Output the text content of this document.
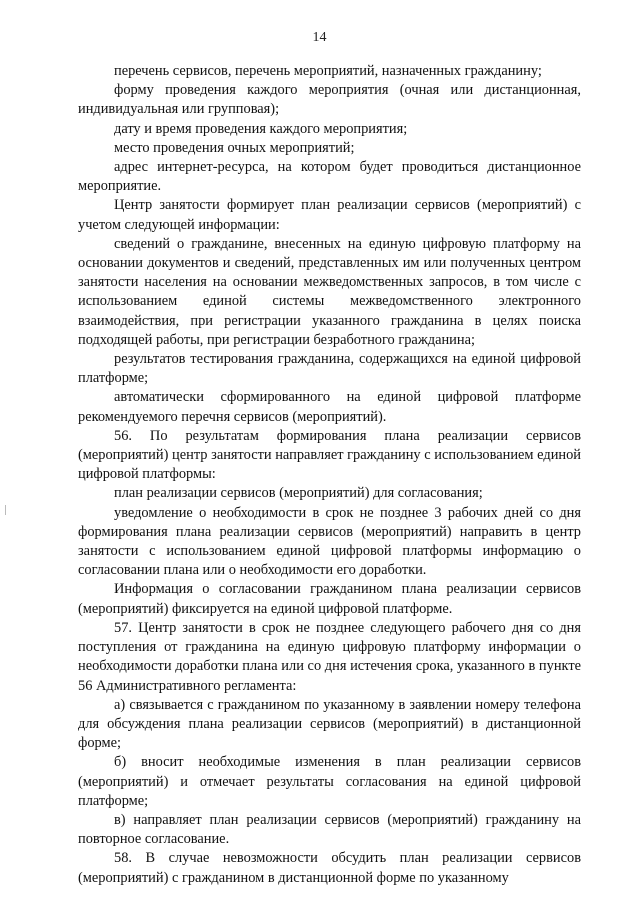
14

перечень сервисов, перечень мероприятий, назначенных гражданину;

форму проведения каждого мероприятия (очная или дистанционная, индивидуальная или групповая);

дату и время проведения каждого мероприятия;

место проведения очных мероприятий;

адрес интернет-ресурса, на котором будет проводиться дистанционное мероприятие.

Центр занятости формирует план реализации сервисов (мероприятий) с учетом следующей информации:

сведений о гражданине, внесенных на единую цифровую платформу на основании документов и сведений, представленных им или полученных центром занятости населения на основании межведомственных запросов, в том числе с использованием единой системы межведомственного электронного взаимодействия, при регистрации указанного гражданина в целях поиска подходящей работы, при регистрации безработного гражданина;

результатов тестирования гражданина, содержащихся на единой цифровой платформе;

автоматически сформированного на единой цифровой платформе рекомендуемого перечня сервисов (мероприятий).

56. По результатам формирования плана реализации сервисов (мероприятий) центр занятости направляет гражданину с использованием единой цифровой платформы:

план реализации сервисов (мероприятий) для согласования;

уведомление о необходимости в срок не позднее 3 рабочих дней со дня формирования плана реализации сервисов (мероприятий) направить в центр занятости с использованием единой цифровой платформы информацию о согласовании плана или о необходимости его доработки.

Информация о согласовании гражданином плана реализации сервисов (мероприятий) фиксируется на единой цифровой платформе.

57. Центр занятости в срок не позднее следующего рабочего дня со дня поступления от гражданина на единую цифровую платформу информации о необходимости доработки плана или со дня истечения срока, указанного в пункте 56 Административного регламента:

а) связывается с гражданином по указанному в заявлении номеру телефона для обсуждения плана реализации сервисов (мероприятий) в дистанционной форме;

б) вносит необходимые изменения в план реализации сервисов (мероприятий) и отмечает результаты согласования на единой цифровой платформе;

в) направляет план реализации сервисов (мероприятий) гражданину на повторное согласование.

58. В случае невозможности обсудить план реализации сервисов (мероприятий) с гражданином в дистанционной форме по указанному
